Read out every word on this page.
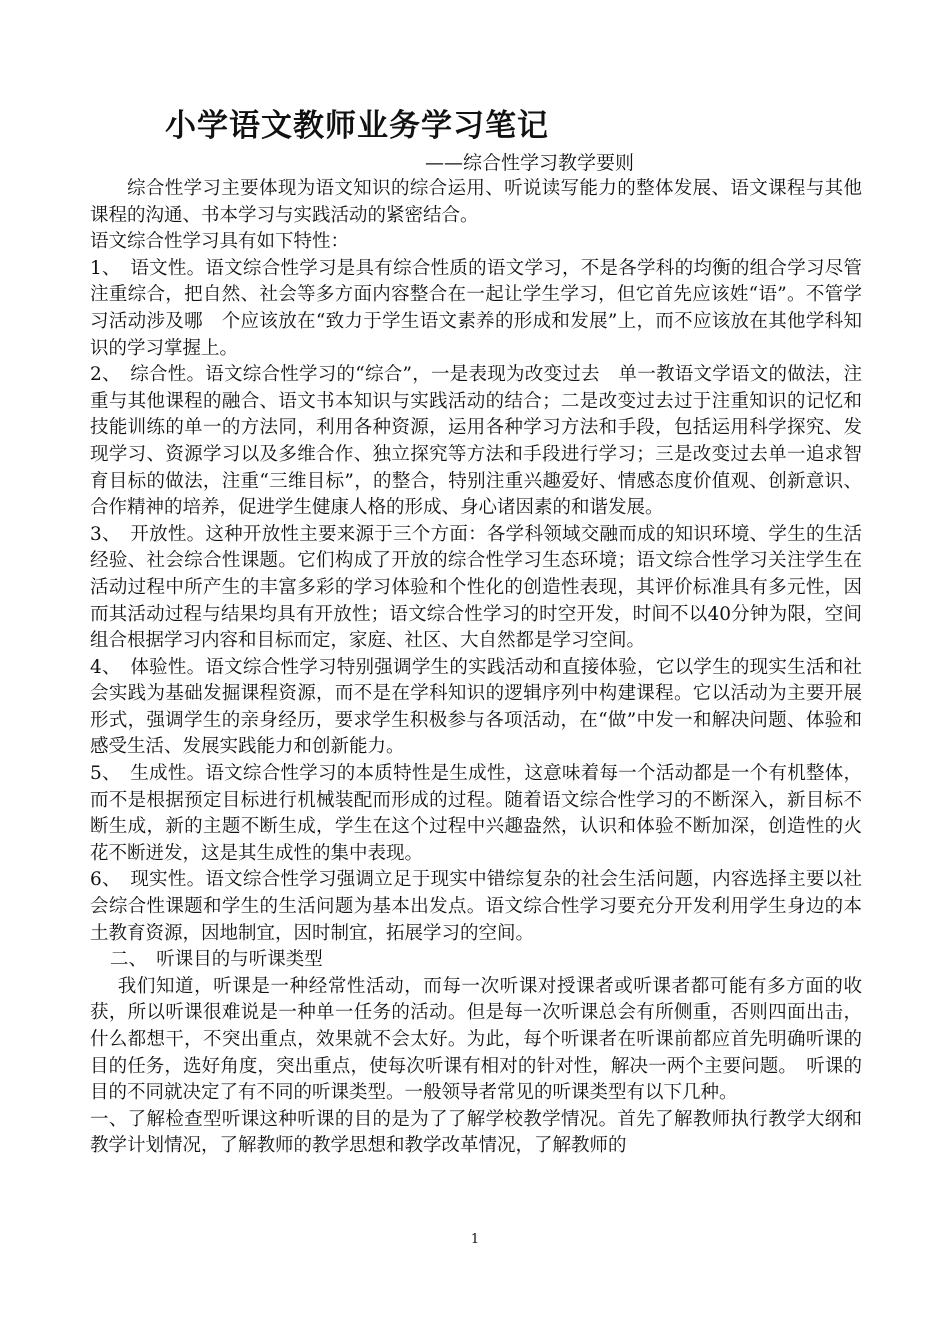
小学语文教师业务学习笔记
——综合性学习教学要则

综合性学习主要体现为语文知识的综合运用、听说读写能力的整体发展、语文课程与其他课程的沟通、书本学习与实践活动的紧密结合。

语文综合性学习具有如下特性：

1、　语文性。语文综合性学习是具有综合性质的语文学习，不是各学科的均衡的组合学习尽管注重综合，把自然、社会等多方面内容整合在一起让学生学习，但它首先应该姓“语”。不管学习活动涉及哪　个应该放在“致力于学生语文素养的形成和发展”上，而不应该放在其他学科知识的学习掌握上。

2、　综合性。语文综合性学习的“综合”，一是表现为改变过去　单一教语文学语文的做法，注重与其他课程的融合、语文书本知识与实践活动的结合；二是改变过去过于注重知识的记忆和技能训练的单一的方法同，利用各种资源，运用各种学习方法和手段，包括运用科学探究、发现学习、资源学习以及多维合作、独立探究等方法和手段进行学习；三是改变过去单一追求智育目标的做法，注重“三维目标”，的整合，特别注重兴趣爱好、情感态度价值观、创新意识、合作精神的培养，促进学生健康人格的形成、身心诸因素的和谐发展。

3、　开放性。这种开放性主要来源于三个方面：各学科领域交融而成的知识环境、学生的生活经验、社会综合性课题。它们构成了开放的综合性学习生态环境；语文综合性学习关注学生在活动过程中所产生的丰富多彩的学习体验和个性化的创造性表现，其评价标准具有多元性，因而其活动过程与结果均具有开放性；语文综合性学习的时空开发，时间不以40分钟为限，空间组合根据学习内容和目标而定，家庭、社区、大自然都是学习空间。

4、　体验性。语文综合性学习特别强调学生的实践活动和直接体验，它以学生的现实生活和社会实践为基础发掘课程资源，而不是在学科知识的逻辑序列中构建课程。它以活动为主要开展形式，强调学生的亲身经历，要求学生积极参与各项活动，在“做”中发一和解决问题、体验和感受生活、发展实践能力和创新能力。

5、　生成性。语文综合性学习的本质特性是生成性，这意味着每一个活动都是一个有机整体，而不是根据预定目标进行机械装配而形成的过程。随着语文综合性学习的不断深入，新目标不断生成，新的主题不断生成，学生在这个过程中兴趣盎然，认识和体验不断加深，创造性的火花不断迸发，这是其生成性的集中表现。

6、　现实性。语文综合性学习强调立足于现实中错综复杂的社会生活问题，内容选择主要以社会综合性课题和学生的生活问题为基本出发点。语文综合性学习要充分开发利用学生身边的本土教育资源，因地制宜，因时制宜，拓展学习的空间。

二、　听课目的与听课类型

我们知道，听课是一种经常性活动，而每一次听课对授课者或听课者都可能有多方面的收获，所以听课很难说是一种单一任务的活动。但是每一次听课总会有所侧重，否则四面出击，什么都想干，不突出重点，效果就不会太好。为此，每个听课者在听课前都应首先明确听课的目的任务，选好角度，突出重点，使每次听课有相对的针对性，解决一两个主要问题。　听课的目的不同就决定了有不同的听课类型。一般领导者常见的听课类型有以下几种。

一、了解检查型听课这种听课的目的是为了了解学校教学情况。首先了解教师执行教学大纲和教学计划情况，了解教师的教学思想和教学改革情况，了解教师的

1
